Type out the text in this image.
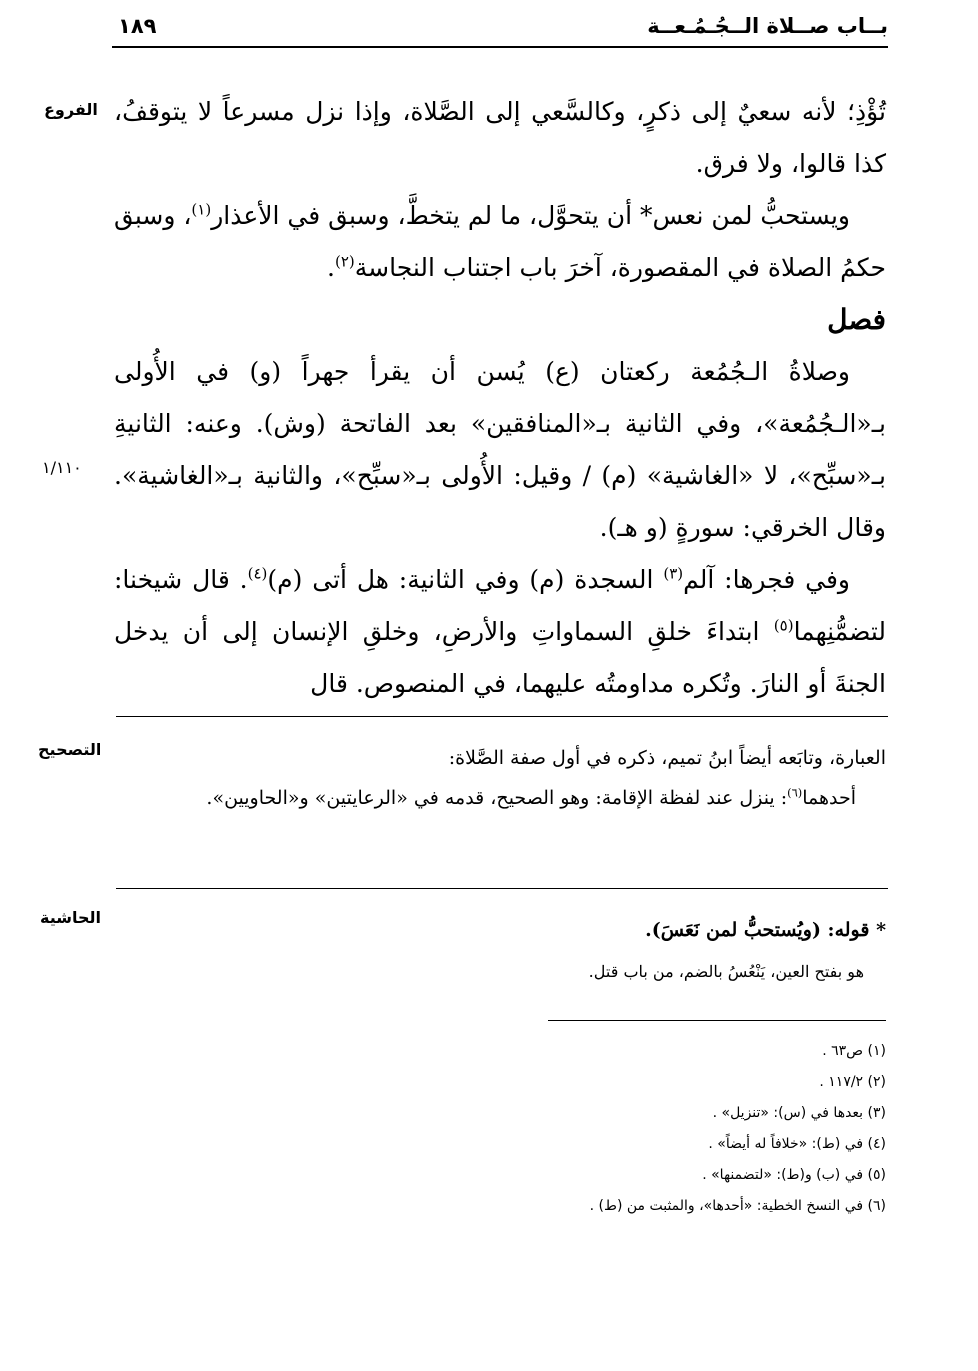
بــاب صــلاة الــجُـمُـعــة
١٨٩
الفروع
١/١١٠
التصحيح
الحاشية

تُؤْذِ؛ لأنه سعيٌ إلى ذكرٍ، وكالسَّعي إلى الصَّلاة، وإذا نزل مسرعاً لا يتوقفُ، كذا قالوا، ولا فرق.

ويستحبُّ لمن نعس* أن يتحوَّل، ما لم يتخطَّ، وسبق في الأعذار$^{(١)}$، وسبق حكمُ الصلاة في المقصورة، آخرَ باب اجتناب النجاسة$^{(٢)}$.

فصل

وصلاةُ الـجُمُعة ركعتان (ع) يُسن أن يقرأ جهراً (و) في الأُولى بـ«الـجُمُعة»، وفي الثانية بـ«المنافقين» بعد الفاتحة (وش). وعنه: الثانيةِ بـ«سبِّح»، لا «الغاشية» (م) / وقيل: الأُولى بـ«سبِّح»، والثانية بـ«الغاشية». وقال الخرقي: سورةٍ (و هـ).

وفي فجرها: آلم$^{(٣)}$ السجدة (م) وفي الثانية: هل أتى (م)$^{(٤)}$. قال شيخنا: لتضمُّنِهما$^{(٥)}$ ابتداءَ خلقِ السماواتِ والأرضِ، وخلقِ الإنسان إلى أن يدخل الجنةَ أو النارَ. وتُكره مداومتُه عليهما، في المنصوص. قال

العبارة، وتابَعه أيضاً ابنُ تميم، ذكره في أول صفة الصَّلاة:

أحدهما$^{(٦)}$: ينزل عند لفظة الإقامة: وهو الصحيح، قدمه في «الرعايتين» و«الحاويين».

* قوله: (ويُستحبُّ لمن نَعَسَ).

هو بفتح العين، يَنْعُسُ بالضم، من باب قتل.

(١) ص٦٣ .
(٢) ١١٧/٢ .
(٣) بعدها في (س): «تنزيل» .
(٤) في (ط): «خلافاً له أيضاً» .
(٥) في (ب) و(ط): «لتضمنها» .
(٦) في النسخ الخطية: «أحدها»، والمثبت من (ط) .
